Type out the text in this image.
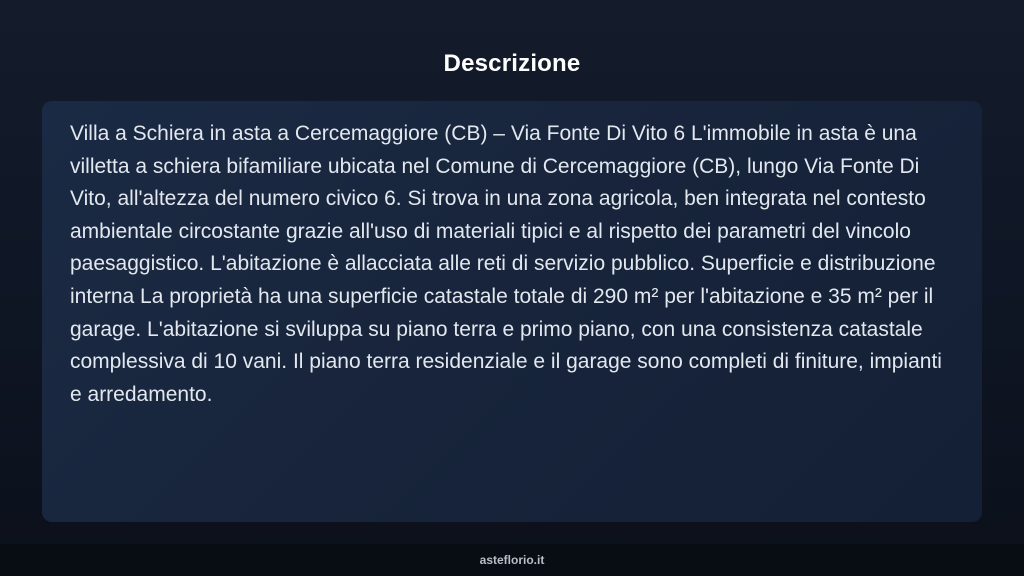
Descrizione

Villa a Schiera in asta a Cercemaggiore (CB) – Via Fonte Di Vito 6 L'immobile in asta è una villetta a schiera bifamiliare ubicata nel Comune di Cercemaggiore (CB), lungo Via Fonte Di Vito, all'altezza del numero civico 6. Si trova in una zona agricola, ben integrata nel contesto ambientale circostante grazie all'uso di materiali tipici e al rispetto dei parametri del vincolo paesaggistico. L'abitazione è allacciata alle reti di servizio pubblico. Superficie e distribuzione interna La proprietà ha una superficie catastale totale di 290 m² per l'abitazione e 35 m² per il garage. L'abitazione si sviluppa su piano terra e primo piano, con una consistenza catastale complessiva di 10 vani. Il piano terra residenziale e il garage sono completi di finiture, impianti e arredamento.

asteflorio.it
